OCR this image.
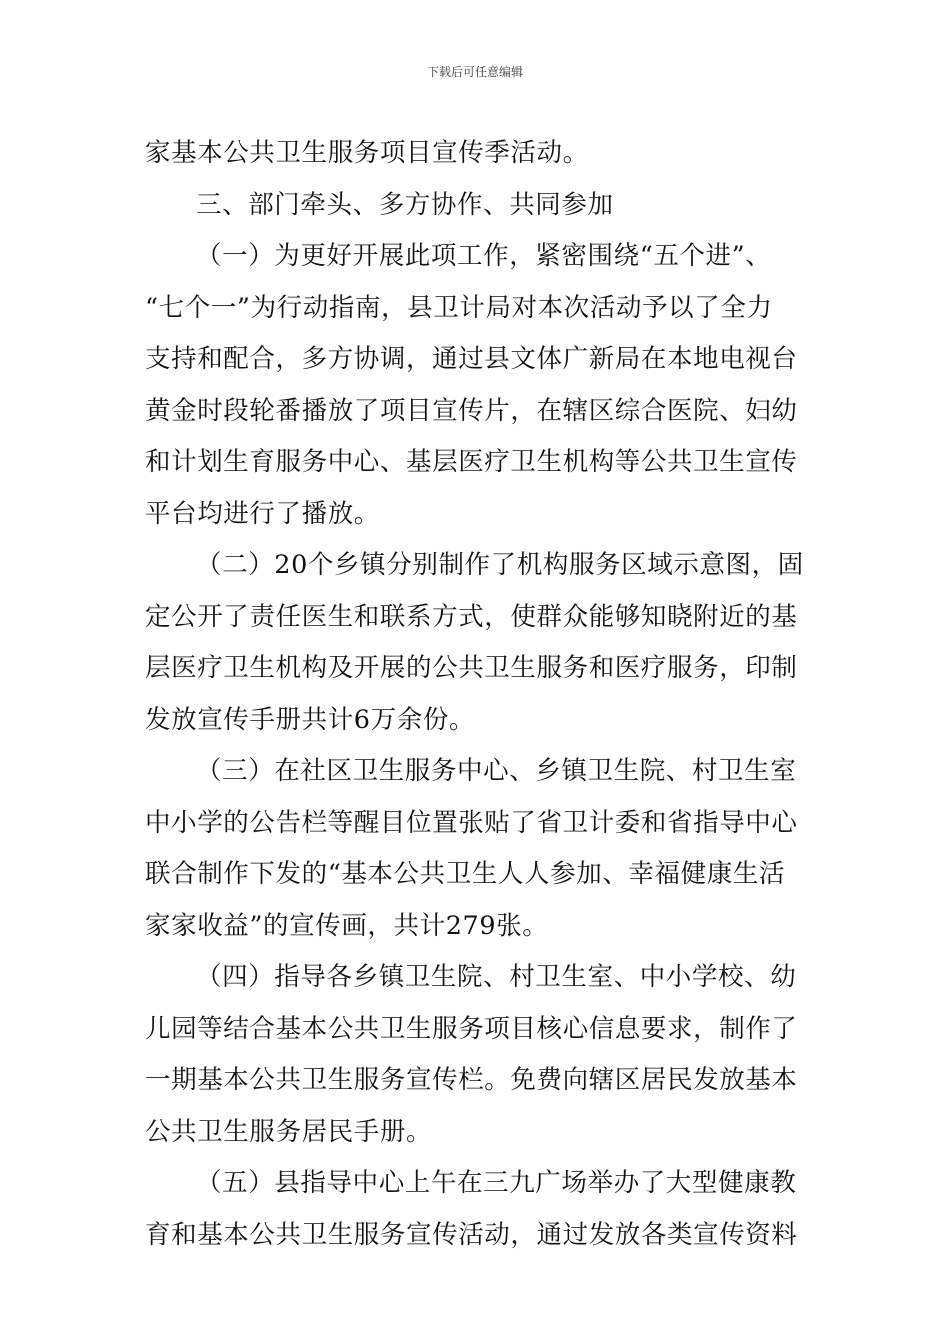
下载后可任意编辑
家基本公共卫生服务项目宣传季活动。
三、部门牵头、多方协作、共同参加
（一）为更好开展此项工作，紧密围绕“五个进”、
“七个一”为行动指南，县卫计局对本次活动予以了全力
支持和配合，多方协调，通过县文体广新局在本地电视台
黄金时段轮番播放了项目宣传片，在辖区综合医院、妇幼
和计划生育服务中心、基层医疗卫生机构等公共卫生宣传
平台均进行了播放。
（二）20个乡镇分别制作了机构服务区域示意图，固
定公开了责任医生和联系方式，使群众能够知晓附近的基
层医疗卫生机构及开展的公共卫生服务和医疗服务，印制
发放宣传手册共计6万余份。
（三）在社区卫生服务中心、乡镇卫生院、村卫生室
中小学的公告栏等醒目位置张贴了省卫计委和省指导中心
联合制作下发的“基本公共卫生人人参加、幸福健康生活
家家收益”的宣传画，共计279张。
（四）指导各乡镇卫生院、村卫生室、中小学校、幼
儿园等结合基本公共卫生服务项目核心信息要求，制作了
一期基本公共卫生服务宣传栏。免费向辖区居民发放基本
公共卫生服务居民手册。
（五）县指导中心上午在三九广场举办了大型健康教
育和基本公共卫生服务宣传活动，通过发放各类宣传资料
